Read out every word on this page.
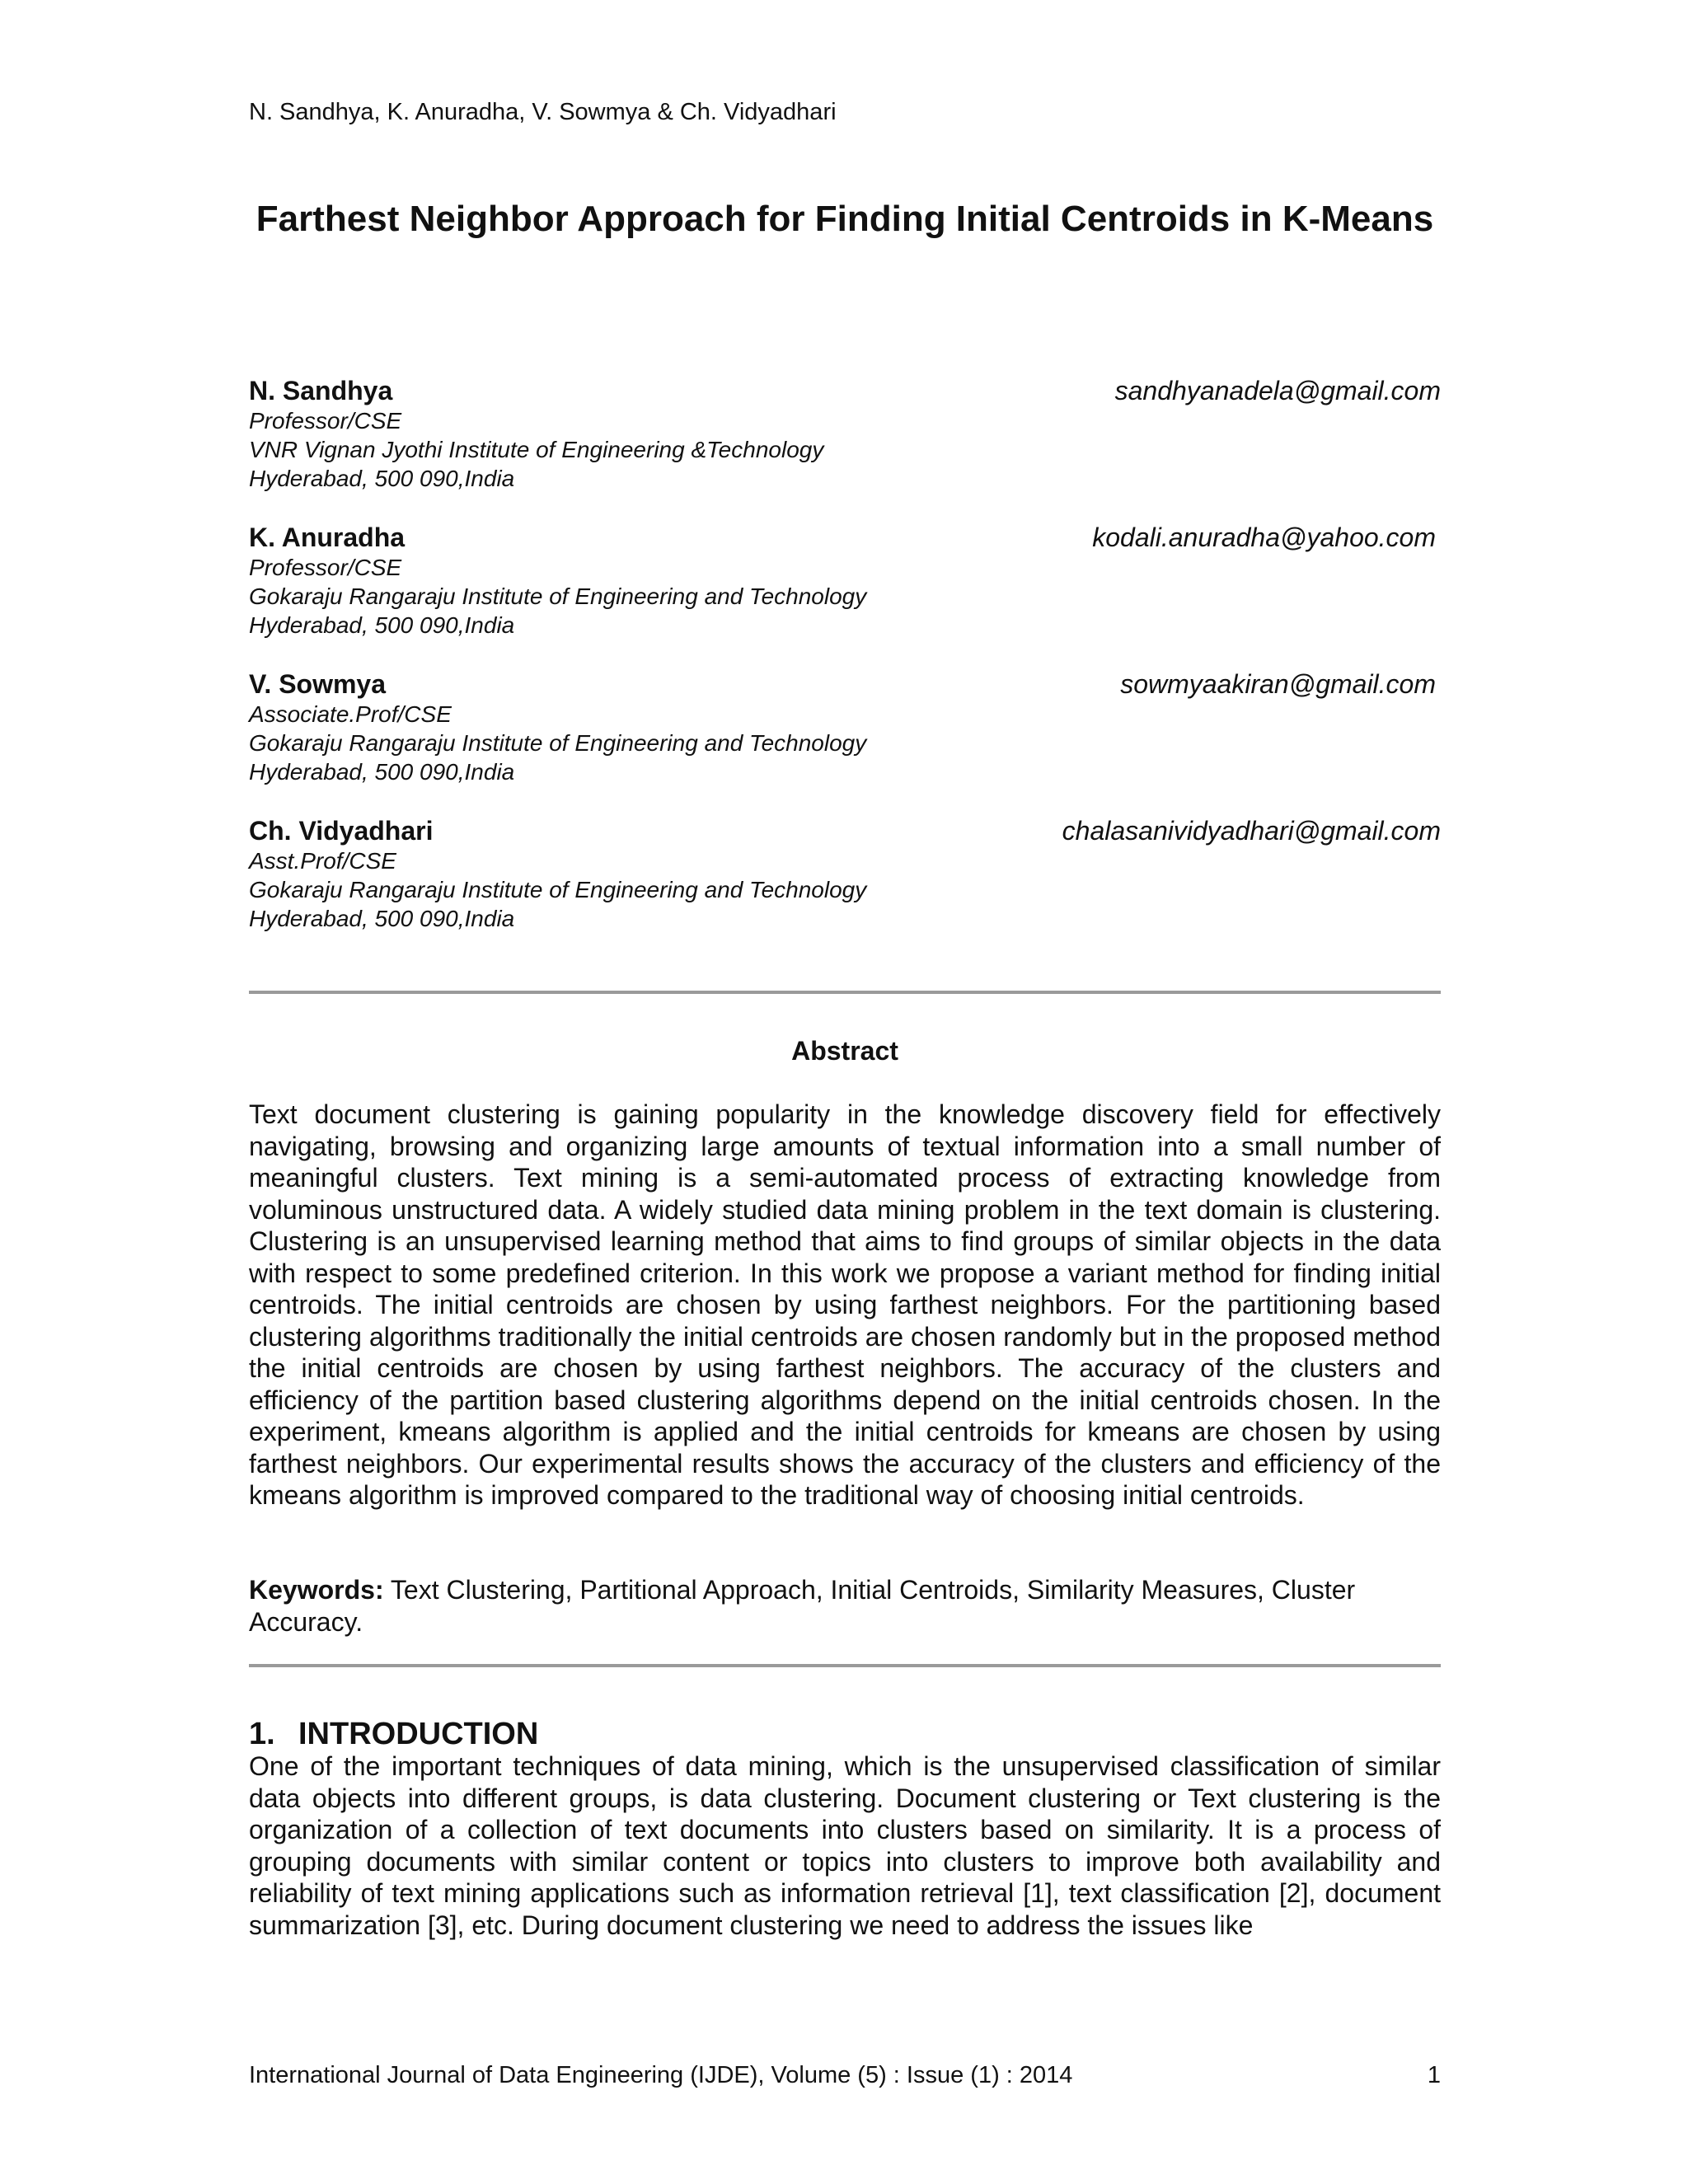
N. Sandhya, K. Anuradha, V. Sowmya & Ch. Vidyadhari
Farthest Neighbor Approach for Finding Initial Centroids in K-Means
N. Sandhya	sandhyanadela@gmail.com
Professor/CSE
VNR Vignan Jyothi Institute of Engineering &Technology
Hyderabad, 500 090,India
K. Anuradha	kodali.anuradha@yahoo.com
Professor/CSE
Gokaraju Rangaraju Institute of Engineering and Technology
Hyderabad, 500 090,India
V. Sowmya	sowmyaakiran@gmail.com
Associate.Prof/CSE
Gokaraju Rangaraju Institute of Engineering and Technology
Hyderabad, 500 090,India
Ch. Vidyadhari	chalasanividyadhari@gmail.com
Asst.Prof/CSE
Gokaraju Rangaraju Institute of Engineering and Technology
Hyderabad, 500 090,India
Abstract
Text document clustering is gaining popularity in the knowledge discovery field for effectively navigating, browsing and organizing large amounts of textual information into a small number of meaningful clusters. Text mining is a semi-automated process of extracting knowledge from voluminous unstructured data. A widely studied data mining problem in the text domain is clustering. Clustering is an unsupervised learning method that aims to find groups of similar objects in the data with respect to some predefined criterion. In this work we propose a variant method for finding initial centroids. The initial centroids are chosen by using farthest neighbors. For the partitioning based clustering algorithms traditionally the initial centroids are chosen randomly but in the proposed method the initial centroids are chosen by using farthest neighbors. The accuracy of the clusters and efficiency of the partition based clustering algorithms depend on the initial centroids chosen. In the experiment, kmeans algorithm is applied and the initial centroids for kmeans are chosen by using farthest neighbors. Our experimental results shows the accuracy of the clusters and efficiency of the kmeans algorithm is improved compared to the traditional way of choosing initial centroids.
Keywords: Text Clustering, Partitional Approach, Initial Centroids, Similarity Measures, Cluster Accuracy.
1. INTRODUCTION
One of the important techniques of data mining, which is the unsupervised classification of similar data objects into different groups, is data clustering. Document clustering or Text clustering is the organization of a collection of text documents into clusters based on similarity. It is a process of grouping documents with similar content or topics into clusters to improve both availability and reliability of text mining applications such as information retrieval [1], text classification [2], document summarization [3], etc. During document clustering we need to address the issues like
International Journal of Data Engineering (IJDE), Volume (5) : Issue (1) : 2014	1
